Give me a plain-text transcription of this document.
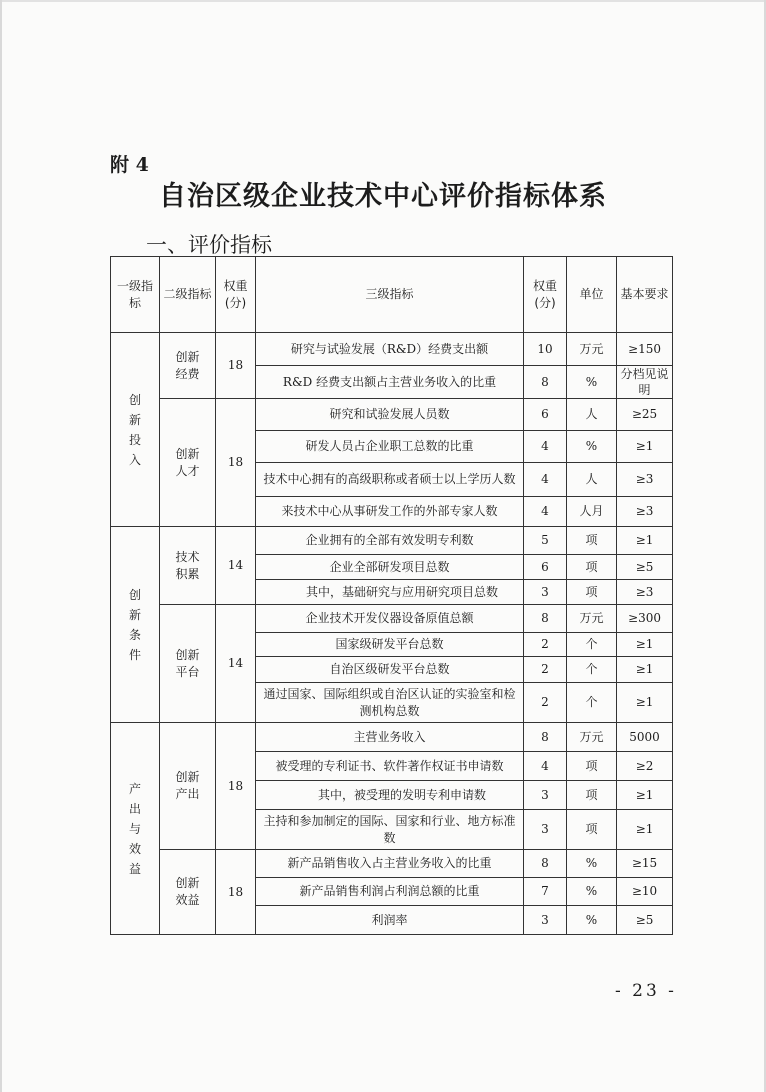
附 4
自治区级企业技术中心评价指标体系
一、评价指标
一级指标	二级指标	权重(分)	三级指标	权重(分)	单位	基本要求
创新投入	创新经费	18	研究与试验发展（R&D）经费支出额	10	万元	≥150
			R&D 经费支出额占主营业务收入的比重	8	%	分档见说明
	创新人才	18	研究和试验发展人员数	6	人	≥25
			研发人员占企业职工总数的比重	4	%	≥1
			技术中心拥有的高级职称或者硕士以上学历人数	4	人	≥3
			来技术中心从事研发工作的外部专家人数	4	人月	≥3
创新条件	技术积累	14	企业拥有的全部有效发明专利数	5	项	≥1
			企业全部研发项目总数	6	项	≥5
			其中，基础研究与应用研究项目总数	3	项	≥3
	创新平台	14	企业技术开发仪器设备原值总额	8	万元	≥300
			国家级研发平台总数	2	个	≥1
			自治区级研发平台总数	2	个	≥1
			通过国家、国际组织或自治区认证的实验室和检测机构总数	2	个	≥1
产出与效益	创新产出	18	主营业务收入	8	万元	5000
			被受理的专利证书、软件著作权证书申请数	4	项	≥2
			其中，被受理的发明专利申请数	3	项	≥1
			主持和参加制定的国际、国家和行业、地方标准数	3	项	≥1
	创新效益	18	新产品销售收入占主营业务收入的比重	8	%	≥15
			新产品销售利润占利润总额的比重	7	%	≥10
			利润率	3	%	≥5
- 23 -
